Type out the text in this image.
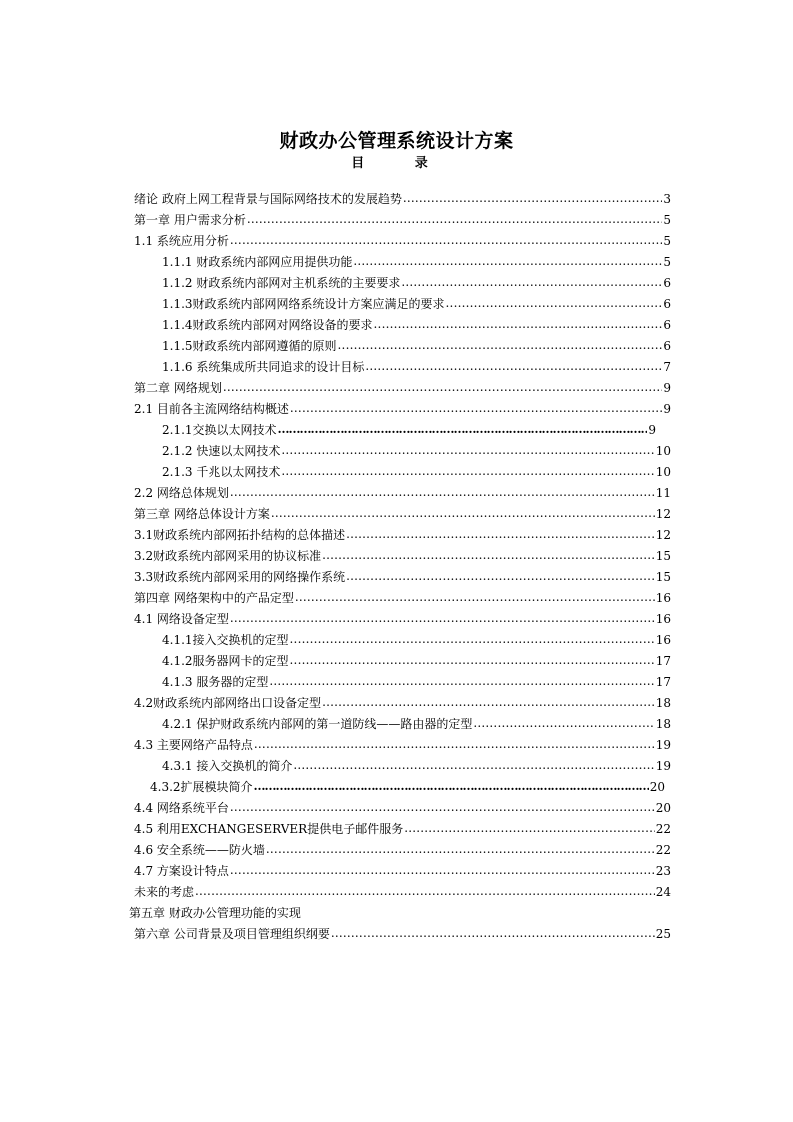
财政办公管理系统设计方案
目 录
绪论 政府上网工程背景与国际网络技术的发展趋势 .....	3
第一章 用户需求分析 .....	5
1.1 系统应用分析 .....	5
1.1.1 财政系统内部网应用提供功能 .....	5
1.1.2 财政系统内部网对主机系统的主要要求 .....	6
1.1.3财政系统内部网网络系统设计方案应满足的要求 .....	6
1.1.4财政系统内部网对网络设备的要求 .....	6
1.1.5财政系统内部网遵循的原则 .....	6
1.1.6 系统集成所共同追求的设计目标 .....	7
第二章 网络规划 .....	9
2.1 目前各主流网络结构概述 .....	9
2.1.1交换以太网技术 ……………………………………………………………………………………………………………………………………………………………………………………………………………………	9
2.1.2 快速以太网技术 .....	10
2.1.3 千兆以太网技术 .....	10
2.2 网络总体规划 .....	11
第三章 网络总体设计方案 .....	12
3.1财政系统内部网拓扑结构的总体描述 .....	12
3.2财政系统内部网采用的协议标准 .....	15
3.3财政系统内部网采用的网络操作系统 .....	15
第四章 网络架构中的产品定型 .....	16
4.1 网络设备定型 .....	16
4.1.1接入交换机的定型 .....	16
4.1.2服务器网卡的定型 .....	17
4.1.3 服务器的定型 .....	17
4.2财政系统内部网络出口设备定型 .....	18
4.2.1 保护财政系统内部网的第一道防线——路由器的定型 .....	18
4.3 主要网络产品特点 .....	19
4.3.1 接入交换机的简介 .....	19
4.3.2扩展模块简介 ……………………………………………………………………………………………………………………………………………………………………………………………………………………	20
4.4 网络系统平台 .....	20
4.5 利用EXCHANGESERVER提供电子邮件服务 .....	22
4.6 安全系统——防火墙 .....	22
4.7 方案设计特点 .....	23
未来的考虑 .....	24
第五章 财政办公管理功能的实现
第六章 公司背景及项目管理组织纲要 .....	25
